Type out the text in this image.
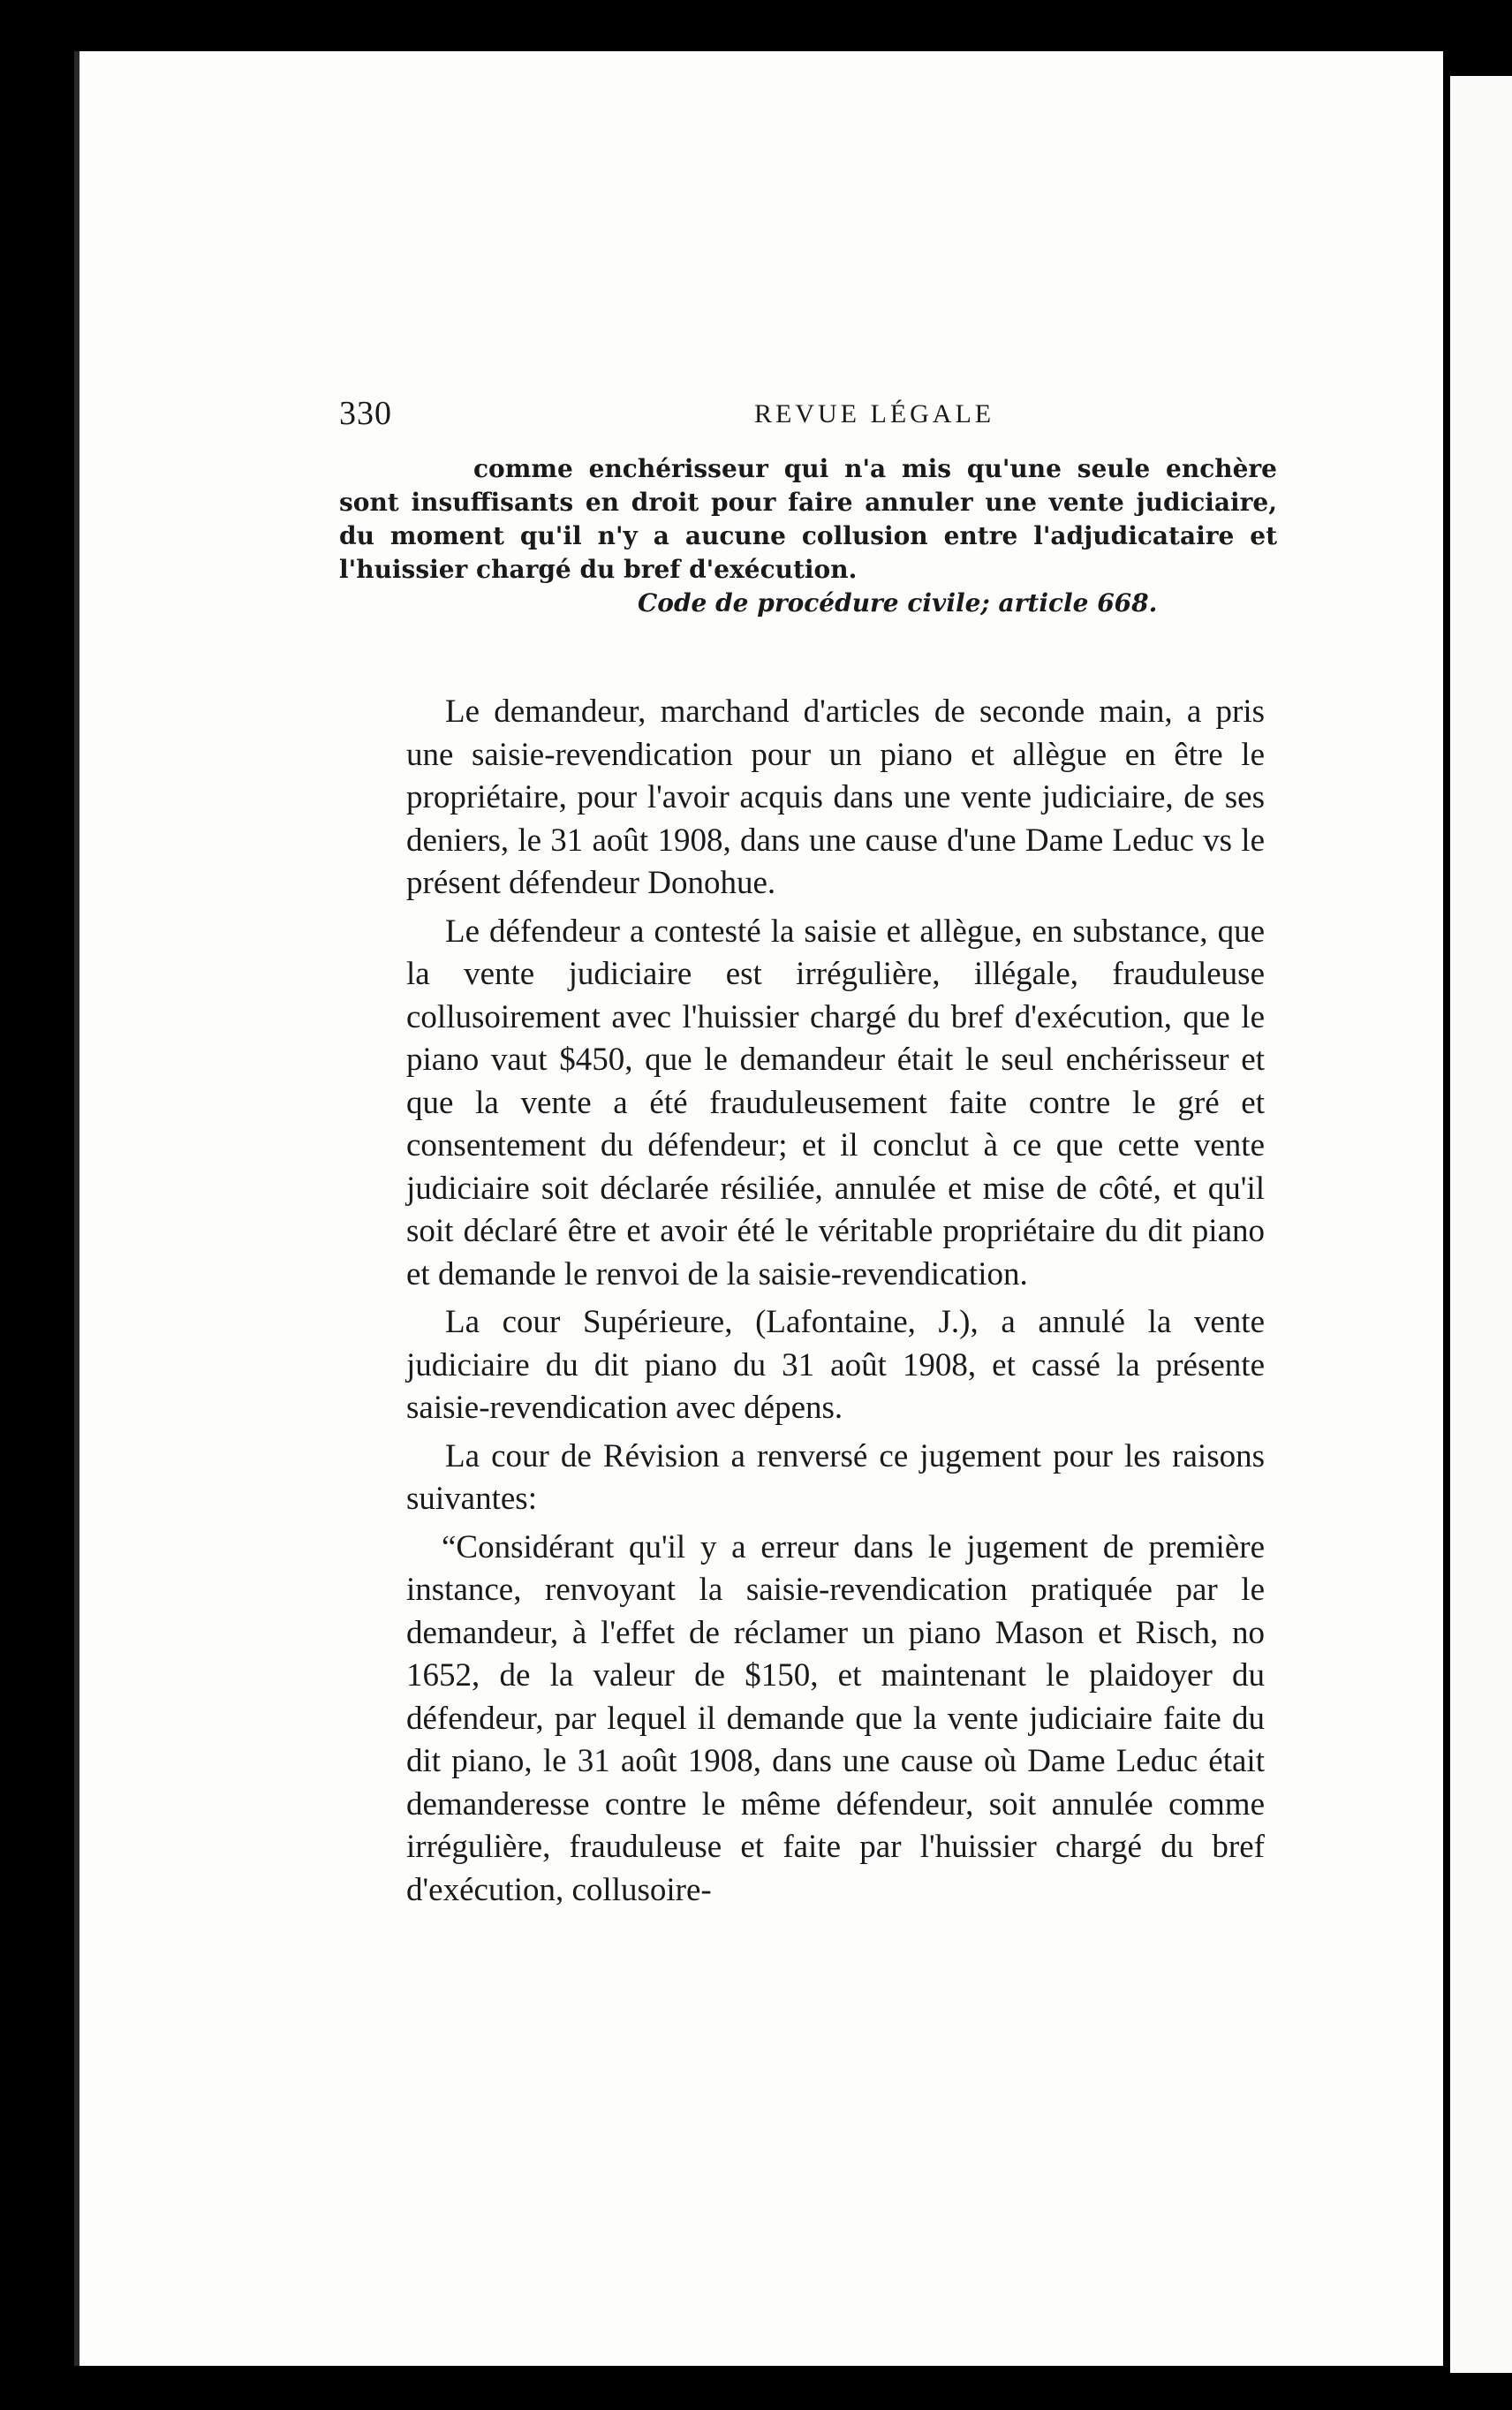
330	REVUE LÉGALE

comme enchérisseur qui n'a mis qu'une seule enchère sont insuffisants en droit pour faire annuler une vente judiciaire, du moment qu'il n'y a aucune collusion entre l'adjudicataire et l'huissier chargé du bref d'exécution.

Code de procédure civile; article 668.

Le demandeur, marchand d'articles de seconde main, a pris une saisie-revendication pour un piano et allègue en être le propriétaire, pour l'avoir acquis dans une vente judiciaire, de ses deniers, le 31 août 1908, dans une cause d'une Dame Leduc vs le présent défendeur Donohue.

Le défendeur a contesté la saisie et allègue, en substance, que la vente judiciaire est irrégulière, illégale, frauduleuse collusoirement avec l'huissier chargé du bref d'exécution, que le piano vaut $450, que le demandeur était le seul enchérisseur et que la vente a été frauduleusement faite contre le gré et consentement du défendeur; et il conclut à ce que cette vente judiciaire soit déclarée résiliée, annulée et mise de côté, et qu'il soit déclaré être et avoir été le véritable propriétaire du dit piano et demande le renvoi de la saisie-revendication.

La cour Supérieure, (Lafontaine, J.), a annulé la vente judiciaire du dit piano du 31 août 1908, et cassé la présente saisie-revendication avec dépens.

La cour de Révision a renversé ce jugement pour les raisons suivantes:

“Considérant qu'il y a erreur dans le jugement de première instance, renvoyant la saisie-revendication pratiquée par le demandeur, à l'effet de réclamer un piano Mason et Risch, no 1652, de la valeur de $150, et maintenant le plaidoyer du défendeur, par lequel il demande que la vente judiciaire faite du dit piano, le 31 août 1908, dans une cause où Dame Leduc était demanderesse contre le même défendeur, soit annulée comme irrégulière, frauduleuse et faite par l'huissier chargé du bref d'exécution, collusoire-
